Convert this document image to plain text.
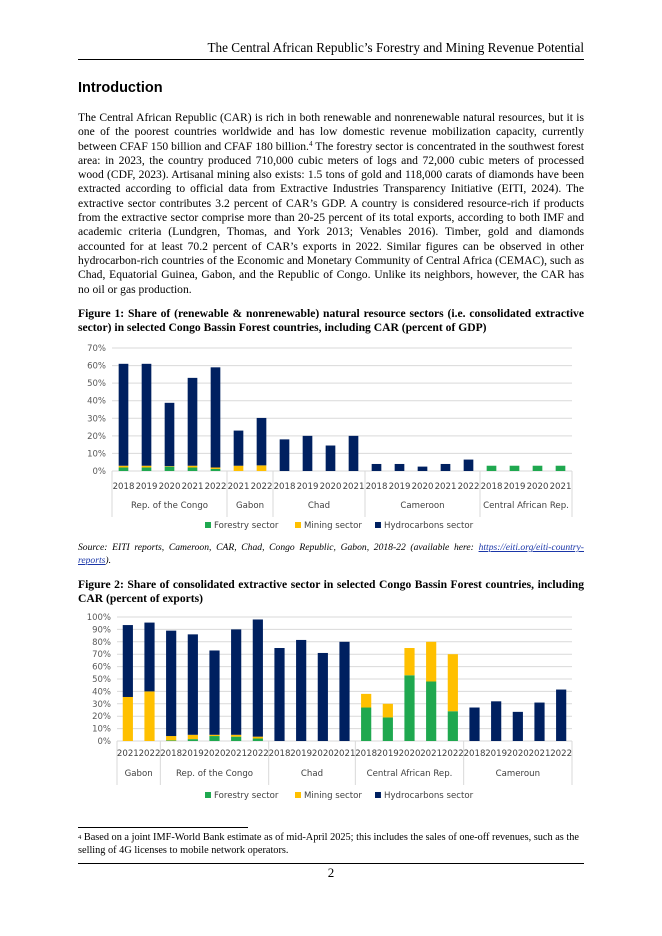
The Central African Republic’s Forestry and Mining Revenue Potential
Introduction
The Central African Republic (CAR) is rich in both renewable and nonrenewable natural resources, but it is one of the poorest countries worldwide and has low domestic revenue mobilization capacity, currently between CFAF 150 billion and CFAF 180 billion.$^4$ The forestry sector is concentrated in the southwest forest area: in 2023, the country produced 710,000 cubic meters of logs and 72,000 cubic meters of processed wood (CDF, 2023). Artisanal mining also exists: 1.5 tons of gold and 118,000 carats of diamonds have been extracted according to official data from Extractive Industries Transparency Initiative (EITI, 2024). The extractive sector contributes 3.2 percent of CAR’s GDP. A country is considered resource-rich if products from the extractive sector comprise more than 20-25 percent of its total exports, according to both IMF and academic criteria (Lundgren, Thomas, and York 2013; Venables 2016). Timber, gold and diamonds accounted for at least 70.2 percent of CAR’s exports in 2022. Similar figures can be observed in other hydrocarbon-rich countries of the Economic and Monetary Community of Central Africa (CEMAC), such as Chad, Equatorial Guinea, Gabon, and the Republic of Congo. Unlike its neighbors, however, the CAR has no oil or gas production.
Figure 1: Share of (renewable & nonrenewable) natural resource sectors (i.e. consolidated extractive sector) in selected Congo Bassin Forest countries, including CAR (percent of GDP)
0%
10%
20%
30%
40%
50%
60%
70%
2018 2019 2020 2021 2022
Rep. of the Congo
2021 2022
Gabon
2018 2019 2020 2021
Chad
2018 2019 2020 2021 2022
Cameroon
2018 2019 2020 2021
Central African Rep.
Forestry sector	Mining sector	Hydrocarbons sector
Source: EITI reports, Cameroon, CAR, Chad, Congo Republic, Gabon, 2018-22 (available here: https://eiti.org/eiti-country-reports).
Figure 2: Share of consolidated extractive sector in selected Congo Bassin Forest countries, including CAR (percent of exports)
0%
10%
20%
30%
40%
50%
60%
70%
80%
90%
100%
2021 2022
Gabon
2018 2019 2020 2021 2022
Rep. of the Congo
2018 2019 2020 2021
Chad
2018 2019 2020 2021 2022
Central African Rep.
2018 2019 2020 2021 2022
Cameroun
Forestry sector	Mining sector	Hydrocarbons sector
$^4$ Based on a joint IMF-World Bank estimate as of mid-April 2025; this includes the sales of one-off revenues, such as the selling of 4G licenses to mobile network operators.
2
